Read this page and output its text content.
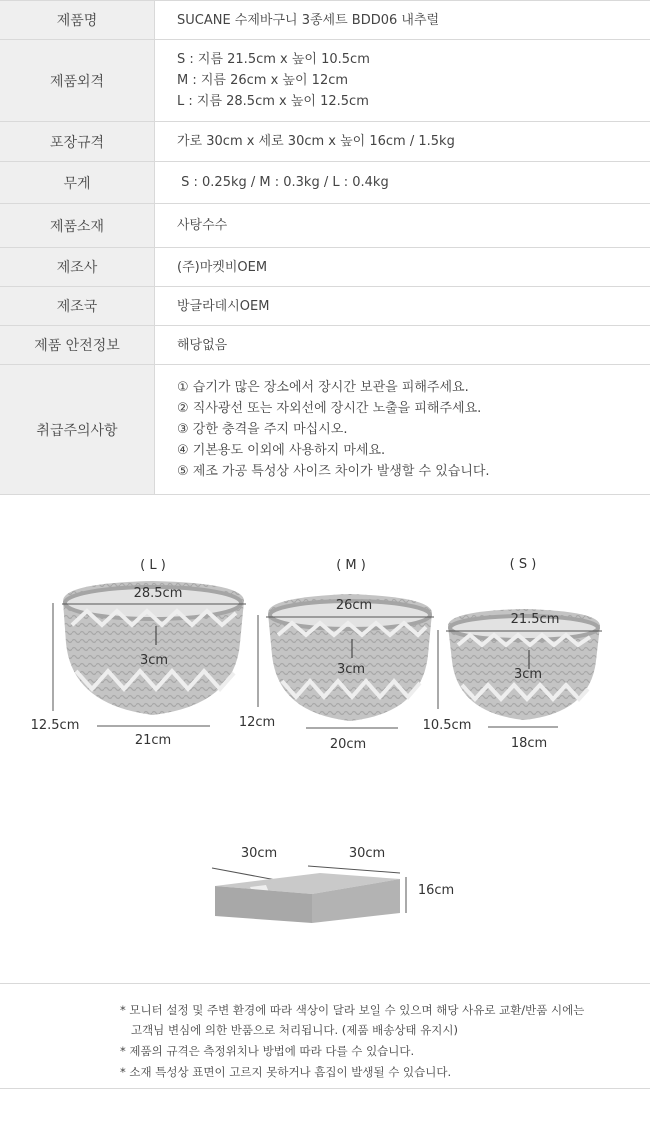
제품명	SUCANE 수제바구니 3종세트 BDD06 내추럴

제품외격	S : 지름 21.5cm x 높이 10.5cm
M : 지름 26cm x 높이 12cm
L : 지름 28.5cm x 높이 12.5cm

포장규격	가로 30cm x 세로 30cm x 높이 16cm / 1.5kg

무게	S : 0.25kg / M : 0.3kg / L : 0.4kg

제품소재	사탕수수

제조사	(주)마켓비OEM

제조국	방글라데시OEM

제품 안전정보	해당없음

취급주의사항	① 습기가 많은 장소에서 장시간 보관을 피해주세요.
② 직사광선 또는 자외선에 장시간 노출을 피해주세요.
③ 강한 충격을 주지 마십시오.
④ 기본용도 이외에 사용하지 마세요.
⑤ 제조 가공 특성상 사이즈 차이가 발생할 수 있습니다.
( L )
28.5cm
3cm
12.5cm
21cm
( M )
26cm
3cm
12cm
20cm
( S )
21.5cm
3cm
10.5cm
18cm
30cm	30cm
16cm
* 모니터 설정 및 주변 환경에 따라 색상이 달라 보일 수 있으며 해당 사유로 교환/반품 시에는
고객님 변심에 의한 반품으로 처리됩니다. (제품 배송상태 유지시)
* 제품의 규격은 측정위치나 방법에 따라 다를 수 있습니다.
* 소재 특성상 표면이 고르지 못하거나 흠집이 발생될 수 있습니다.
